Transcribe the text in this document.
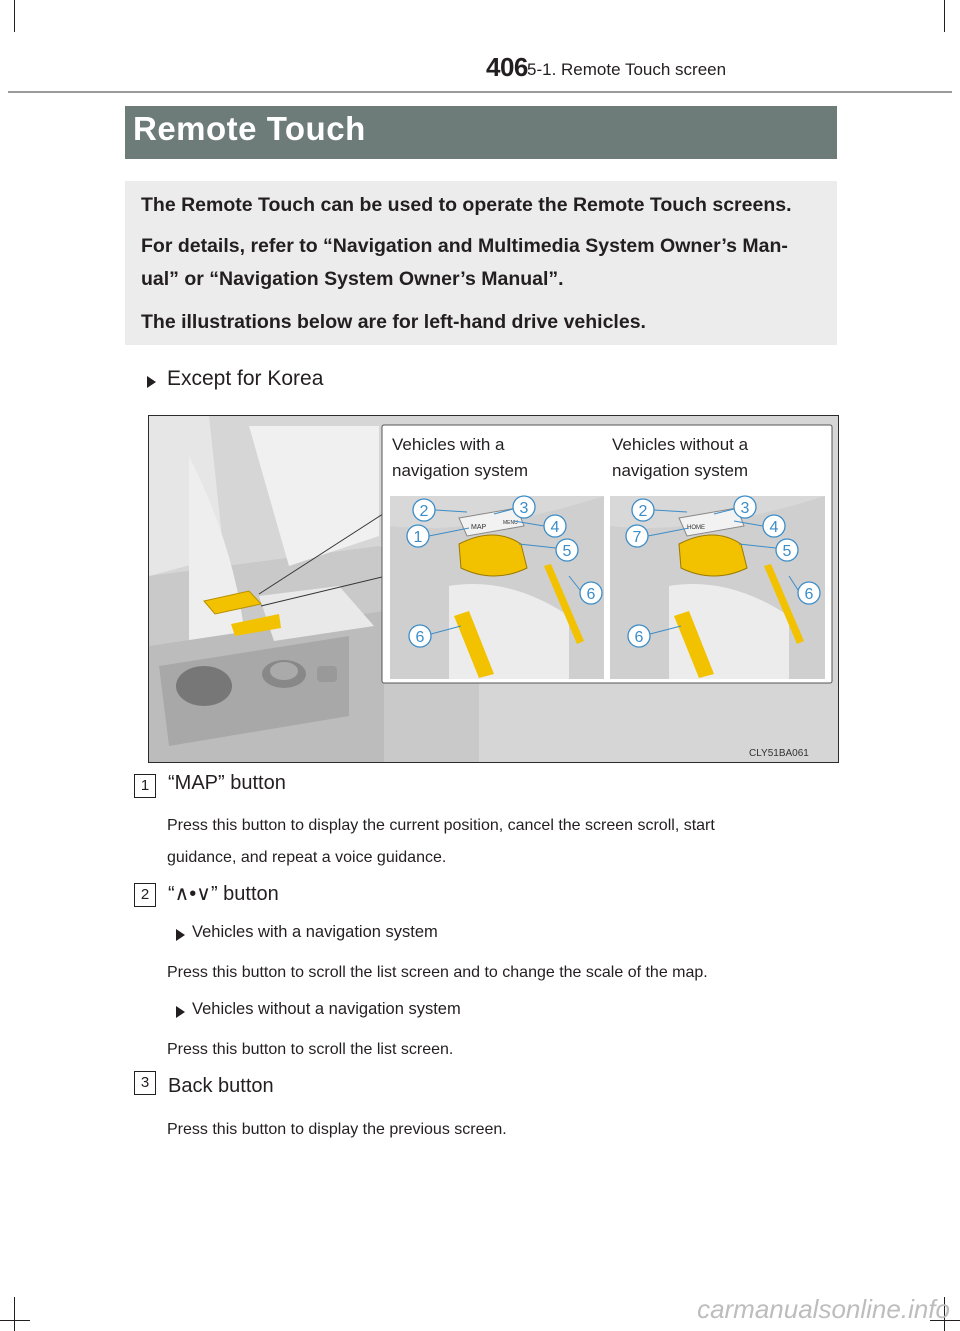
406 5-1. Remote Touch screen
Remote Touch
The Remote Touch can be used to operate the Remote Touch screens.
For details, refer to “Navigation and Multimedia System Owner’s Man-
ual” or “Navigation System Owner’s Manual”.
The illustrations below are for left-hand drive vehicles.
Except for Korea
MAP
MENU
HOME
2	3
4
1
5
6
6
2	3
4
7
5
6
6
CLY51BA061
Vehicles with a
navigation system
Vehicles without a
navigation system
1 “MAP” button
Press this button to display the current position, cancel the screen scroll, start
guidance, and repeat a voice guidance.
2 “∧•∨” button
Vehicles with a navigation system
Press this button to scroll the list screen and to change the scale of the map.
Vehicles without a navigation system
Press this button to scroll the list screen.
3 Back button
Press this button to display the previous screen.
carmanualsonline.info
